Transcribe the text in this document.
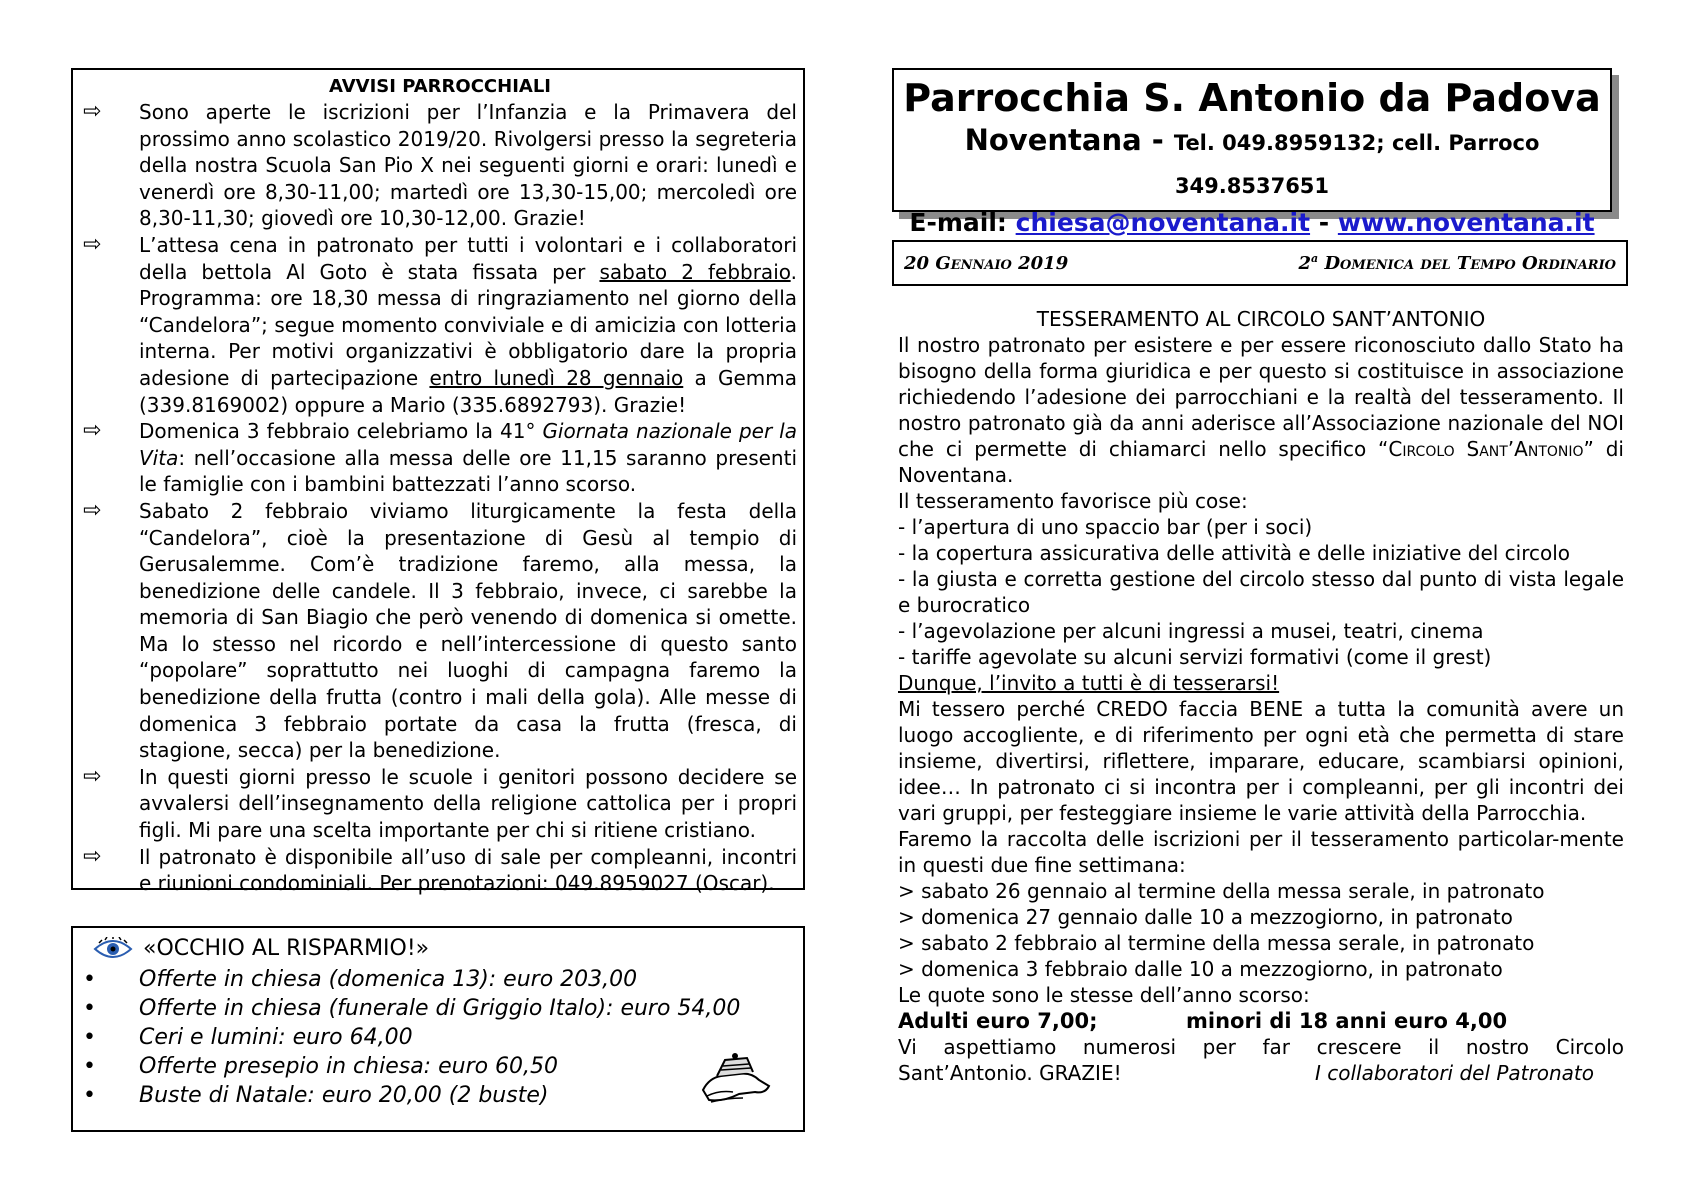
AVVISI PARROCCHIALI
⇨	Sono aperte le iscrizioni per l’Infanzia e la Primavera del prossimo anno scolastico 2019/20. Rivolgersi presso la segreteria della nostra Scuola San Pio X nei seguenti giorni e orari: lunedì e venerdì ore 8,30-11,00; martedì ore 13,30-15,00; mercoledì ore 8,30-11,30; giovedì ore 10,30-12,00. Grazie!
⇨	L’attesa cena in patronato per tutti i volontari e i collaboratori della bettola Al Goto è stata fissata per sabato 2 febbraio. Programma: ore 18,30 messa di ringraziamento nel giorno della “Candelora”; segue momento conviviale e di amicizia con lotteria interna. Per motivi organizzativi è obbligatorio dare la propria adesione di partecipazione entro lunedì 28 gennaio a Gemma (339.8169002) oppure a Mario (335.6892793). Grazie!
⇨	Domenica 3 febbraio celebriamo la 41° Giornata nazionale per la Vita: nell’occasione alla messa delle ore 11,15 saranno presenti le famiglie con i bambini battezzati l’anno scorso.
⇨	Sabato 2 febbraio viviamo liturgicamente la festa della “Candelora”, cioè la presentazione di Gesù al tempio di Gerusalemme. Com’è tradizione faremo, alla messa, la benedizione delle candele. Il 3 febbraio, invece, ci sarebbe la memoria di San Biagio che però venendo di domenica si omette. Ma lo stesso nel ricordo e nell’intercessione di questo santo “popolare” soprattutto nei luoghi di campagna faremo la benedizione della frutta (contro i mali della gola). Alle messe di domenica 3 febbraio portate da casa la frutta (fresca, di stagione, secca) per la benedizione.
⇨	In questi giorni presso le scuole i genitori possono decidere se avvalersi dell’insegnamento della religione cattolica per i propri figli. Mi pare una scelta importante per chi si ritiene cristiano.
⇨	Il patronato è disponibile all’uso di sale per compleanni, incontri e riunioni condominiali. Per prenotazioni: 049.8959027 (Oscar).
«OCCHIO AL RISPARMIO!»
•	Offerte in chiesa (domenica 13): euro 203,00
•	Offerte in chiesa (funerale di Griggio Italo): euro 54,00
•	Ceri e lumini: euro 64,00
•	Offerte presepio in chiesa: euro 60,50
•	Buste di Natale: euro 20,00 (2 buste)
Parrocchia S. Antonio da Padova
Noventana - Tel. 049.8959132; cell. Parroco 349.8537651
E-mail: chiesa@noventana.it - www.noventana.it
20 Gennaio 2019	2$^a$ Domenica del Tempo Ordinario
TESSERAMENTO AL CIRCOLO SANT’ANTONIO

Il nostro patronato per esistere e per essere riconosciuto dallo Stato ha bisogno della forma giuridica e per questo si costituisce in associazione richiedendo l’adesione dei parrocchiani e la realtà del tesseramento. Il nostro patronato già da anni aderisce all’Associazione nazionale del NOI che ci permette di chiamarci nello specifico “Circolo Sant’Antonio” di Noventana.

Il tesseramento favorisce più cose:
- l’apertura di uno spaccio bar (per i soci)
- la copertura assicurativa delle attività e delle iniziative del circolo

- la giusta e corretta gestione del circolo stesso dal punto di vista legale e burocratico

- l’agevolazione per alcuni ingressi a musei, teatri, cinema
- tariffe agevolate su alcuni servizi formativi (come il grest)
Dunque, l’invito a tutti è di tesserarsi!

Mi tessero perché CREDO faccia BENE a tutta la comunità avere un luogo accogliente, e di riferimento per ogni età che permetta di stare insieme, divertirsi, riflettere, imparare, educare, scambiarsi opinioni, idee… In patronato ci si incontra per i compleanni, per gli incontri dei vari gruppi, per festeggiare insieme le varie attività della Parrocchia.

Faremo la raccolta delle iscrizioni per il tesseramento particolar-mente in questi due fine settimana:

> sabato 26 gennaio al termine della messa serale, in patronato
> domenica 27 gennaio dalle 10 a mezzogiorno, in patronato
> sabato 2 febbraio al termine della messa serale, in patronato
> domenica 3 febbraio dalle 10 a mezzogiorno, in patronato
Le quote sono le stesse dell’anno scorso:
Adulti euro 7,00;	minori di 18 anni euro 4,00

Vi aspettiamo numerosi per far crescere il nostro Circolo

Sant’Antonio. GRAZIE!	I collaboratori del Patronato
